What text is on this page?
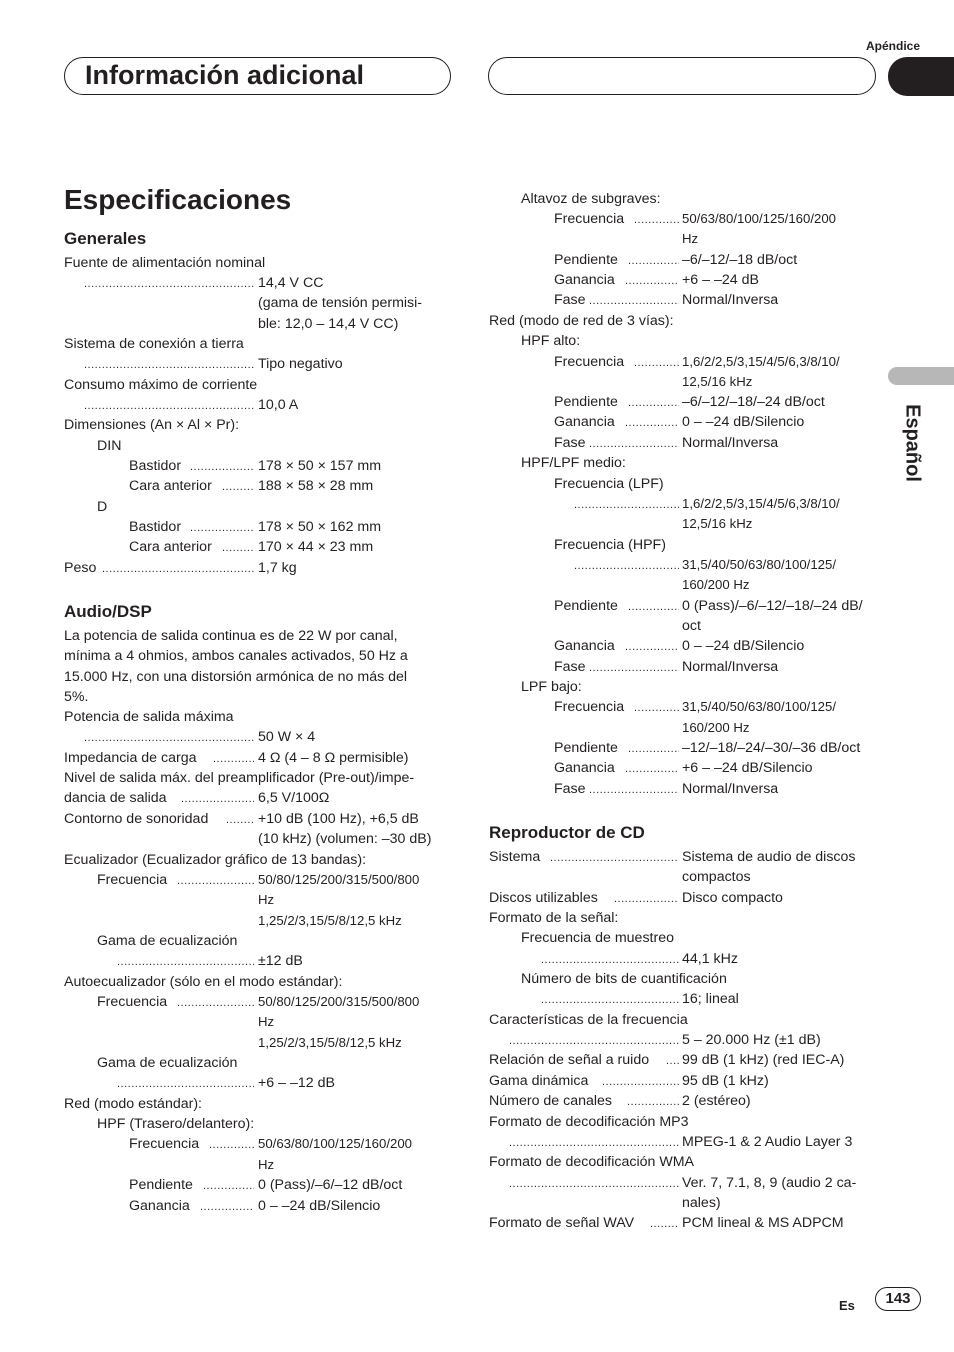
Apéndice
Información adicional
Español
Especificaciones
Generales
Fuente de alimentación nominal
.....
14,4 V CC
(gama de tensión permisi-
ble: 12,0 – 14,4 V CC)
Sistema de conexión a tierra
.....
Tipo negativo
Consumo máximo de corriente
.....
10,0 A
Dimensiones (An × Al × Pr):
DIN
Bastidor .....	178 × 50 × 157 mm
Cara anterior .....	188 × 58 × 28 mm
D
Bastidor .....	178 × 50 × 162 mm
Cara anterior .....	170 × 44 × 23 mm
Peso .....	1,7 kg
Audio/DSP
La potencia de salida continua es de 22 W por canal,
mínima a 4 ohmios, ambos canales activados, 50 Hz a
15.000 Hz, con una distorsión armónica de no más del
5%.
Potencia de salida máxima
.....
50 W × 4
Impedancia de carga .....	4 Ω (4 – 8 Ω permisible)
Nivel de salida máx. del preamplificador (Pre-out)/impe-
dancia de salida .....	6,5 V/100Ω
Contorno de sonoridad .....	+10 dB (100 Hz), +6,5 dB
(10 kHz) (volumen: –30 dB)
Ecualizador (Ecualizador gráfico de 13 bandas):
Frecuencia .....	50/80/125/200/315/500/800
Hz
1,25/2/3,15/5/8/12,5 kHz
Gama de ecualización
.....
±12 dB
Autoecualizador (sólo en el modo estándar):
Frecuencia .....	50/80/125/200/315/500/800
Hz
1,25/2/3,15/5/8/12,5 kHz
Gama de ecualización
.....
+6 – –12 dB
Red (modo estándar):
HPF (Trasero/delantero):
Frecuencia .....	50/63/80/100/125/160/200
Hz
Pendiente .....	0 (Pass)/–6/–12 dB/oct
Ganancia .....	0 – –24 dB/Silencio
Altavoz de subgraves:
Frecuencia .....	50/63/80/100/125/160/200
Hz
Pendiente .....	–6/–12/–18 dB/oct
Ganancia .....	+6 – –24 dB
Fase .....	Normal/Inversa
Red (modo de red de 3 vías):
HPF alto:
Frecuencia .....	1,6/2/2,5/3,15/4/5/6,3/8/10/
12,5/16 kHz
Pendiente .....	–6/–12/–18/–24 dB/oct
Ganancia .....	0 – –24 dB/Silencio
Fase .....	Normal/Inversa
HPF/LPF medio:
Frecuencia (LPF)
.....
1,6/2/2,5/3,15/4/5/6,3/8/10/
12,5/16 kHz
Frecuencia (HPF)
.....
31,5/40/50/63/80/100/125/
160/200 Hz
Pendiente .....	0 (Pass)/–6/–12/–18/–24 dB/
oct
Ganancia .....	0 – –24 dB/Silencio
Fase .....	Normal/Inversa
LPF bajo:
Frecuencia .....	31,5/40/50/63/80/100/125/
160/200 Hz
Pendiente .....	–12/–18/–24/–30/–36 dB/oct
Ganancia .....	+6 – –24 dB/Silencio
Fase .....	Normal/Inversa
Reproductor de CD
Sistema .....	Sistema de audio de discos
compactos
Discos utilizables .....	Disco compacto
Formato de la señal:
Frecuencia de muestreo
.....
44,1 kHz
Número de bits de cuantificación
.....
16; lineal
Características de la frecuencia
.....
5 – 20.000 Hz (±1 dB)
Relación de señal a ruido ..... 99 dB (1 kHz) (red IEC-A)
Gama dinámica .....	95 dB (1 kHz)
Número de canales .....	2 (estéreo)
Formato de decodificación MP3
.....
MPEG-1 & 2 Audio Layer 3
Formato de decodificación WMA
.....
Ver. 7, 7.1, 8, 9 (audio 2 ca-
nales)
Formato de señal WAV .....	PCM lineal & MS ADPCM
Es	143
